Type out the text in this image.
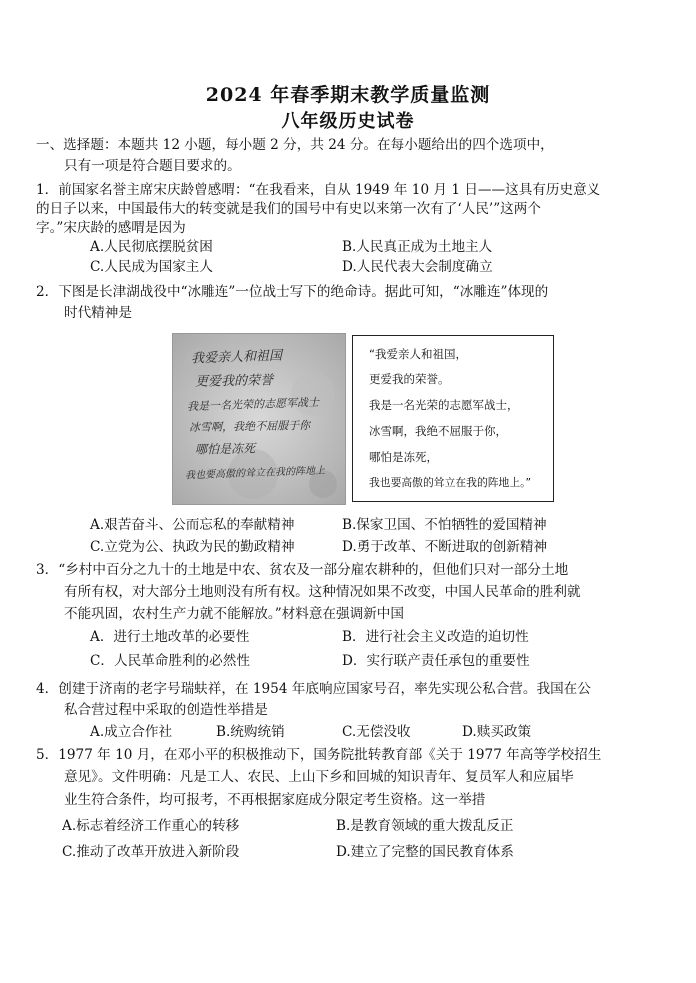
2024 年春季期末教学质量监测
八年级历史试卷
一、选择题：本题共 12 小题，每小题 2 分，共 24 分。在每小题给出的四个选项中，
只有一项是符合题目要求的。
1．前国家名誉主席宋庆龄曾感喟：“在我看来，自从 1949 年 10 月 1 日——这具有历史意义
的日子以来，中国最伟大的转变就是我们的国号中有史以来第一次有了‘人民’”这两个
字。”宋庆龄的感喟是因为
A.人民彻底摆脱贫困	B.人民真正成为土地主人
C.人民成为国家主人	D.人民代表大会制度确立
2．下图是长津湖战役中“冰雕连”一位战士写下的绝命诗。据此可知，“冰雕连”体现的
时代精神是
我爱亲人和祖国
更爱我的荣誉
我是一名光荣的志愿军战士
冰雪啊，我绝不屈服于你
哪怕是冻死
我也要高傲的耸立在我的阵地上
“我爱亲人和祖国，
更爱我的荣誉。
我是一名光荣的志愿军战士，
冰雪啊，我绝不屈服于你，
哪怕是冻死，
我也要高傲的耸立在我的阵地上。”
A.艰苦奋斗、公而忘私的奉献精神	B.保家卫国、不怕牺牲的爱国精神
C.立党为公、执政为民的勤政精神	D.勇于改革、不断进取的创新精神
3．“乡村中百分之九十的土地是中农、贫农及一部分雇农耕种的，但他们只对一部分土地
有所有权，对大部分土地则没有所有权。这种情况如果不改变，中国人民革命的胜利就
不能巩固，农村生产力就不能解放。”材料意在强调新中国
A．进行土地改革的必要性	B．进行社会主义改造的迫切性
C．人民革命胜利的必然性	D．实行联产责任承包的重要性
4．创建于济南的老字号瑞蚨祥，在 1954 年底响应国家号召，率先实现公私合营。我国在公
私合营过程中采取的创造性举措是
A.成立合作社	B.统购统销	C.无偿没收	D.赎买政策
5．1977 年 10 月，在邓小平的积极推动下，国务院批转教育部《关于 1977 年高等学校招生
意见》。文件明确：凡是工人、农民、上山下乡和回城的知识青年、复员军人和应届毕
业生符合条件，均可报考，不再根据家庭成分限定考生资格。这一举措
A.标志着经济工作重心的转移	B.是教育领域的重大拨乱反正
C.推动了改革开放进入新阶段	D.建立了完整的国民教育体系
